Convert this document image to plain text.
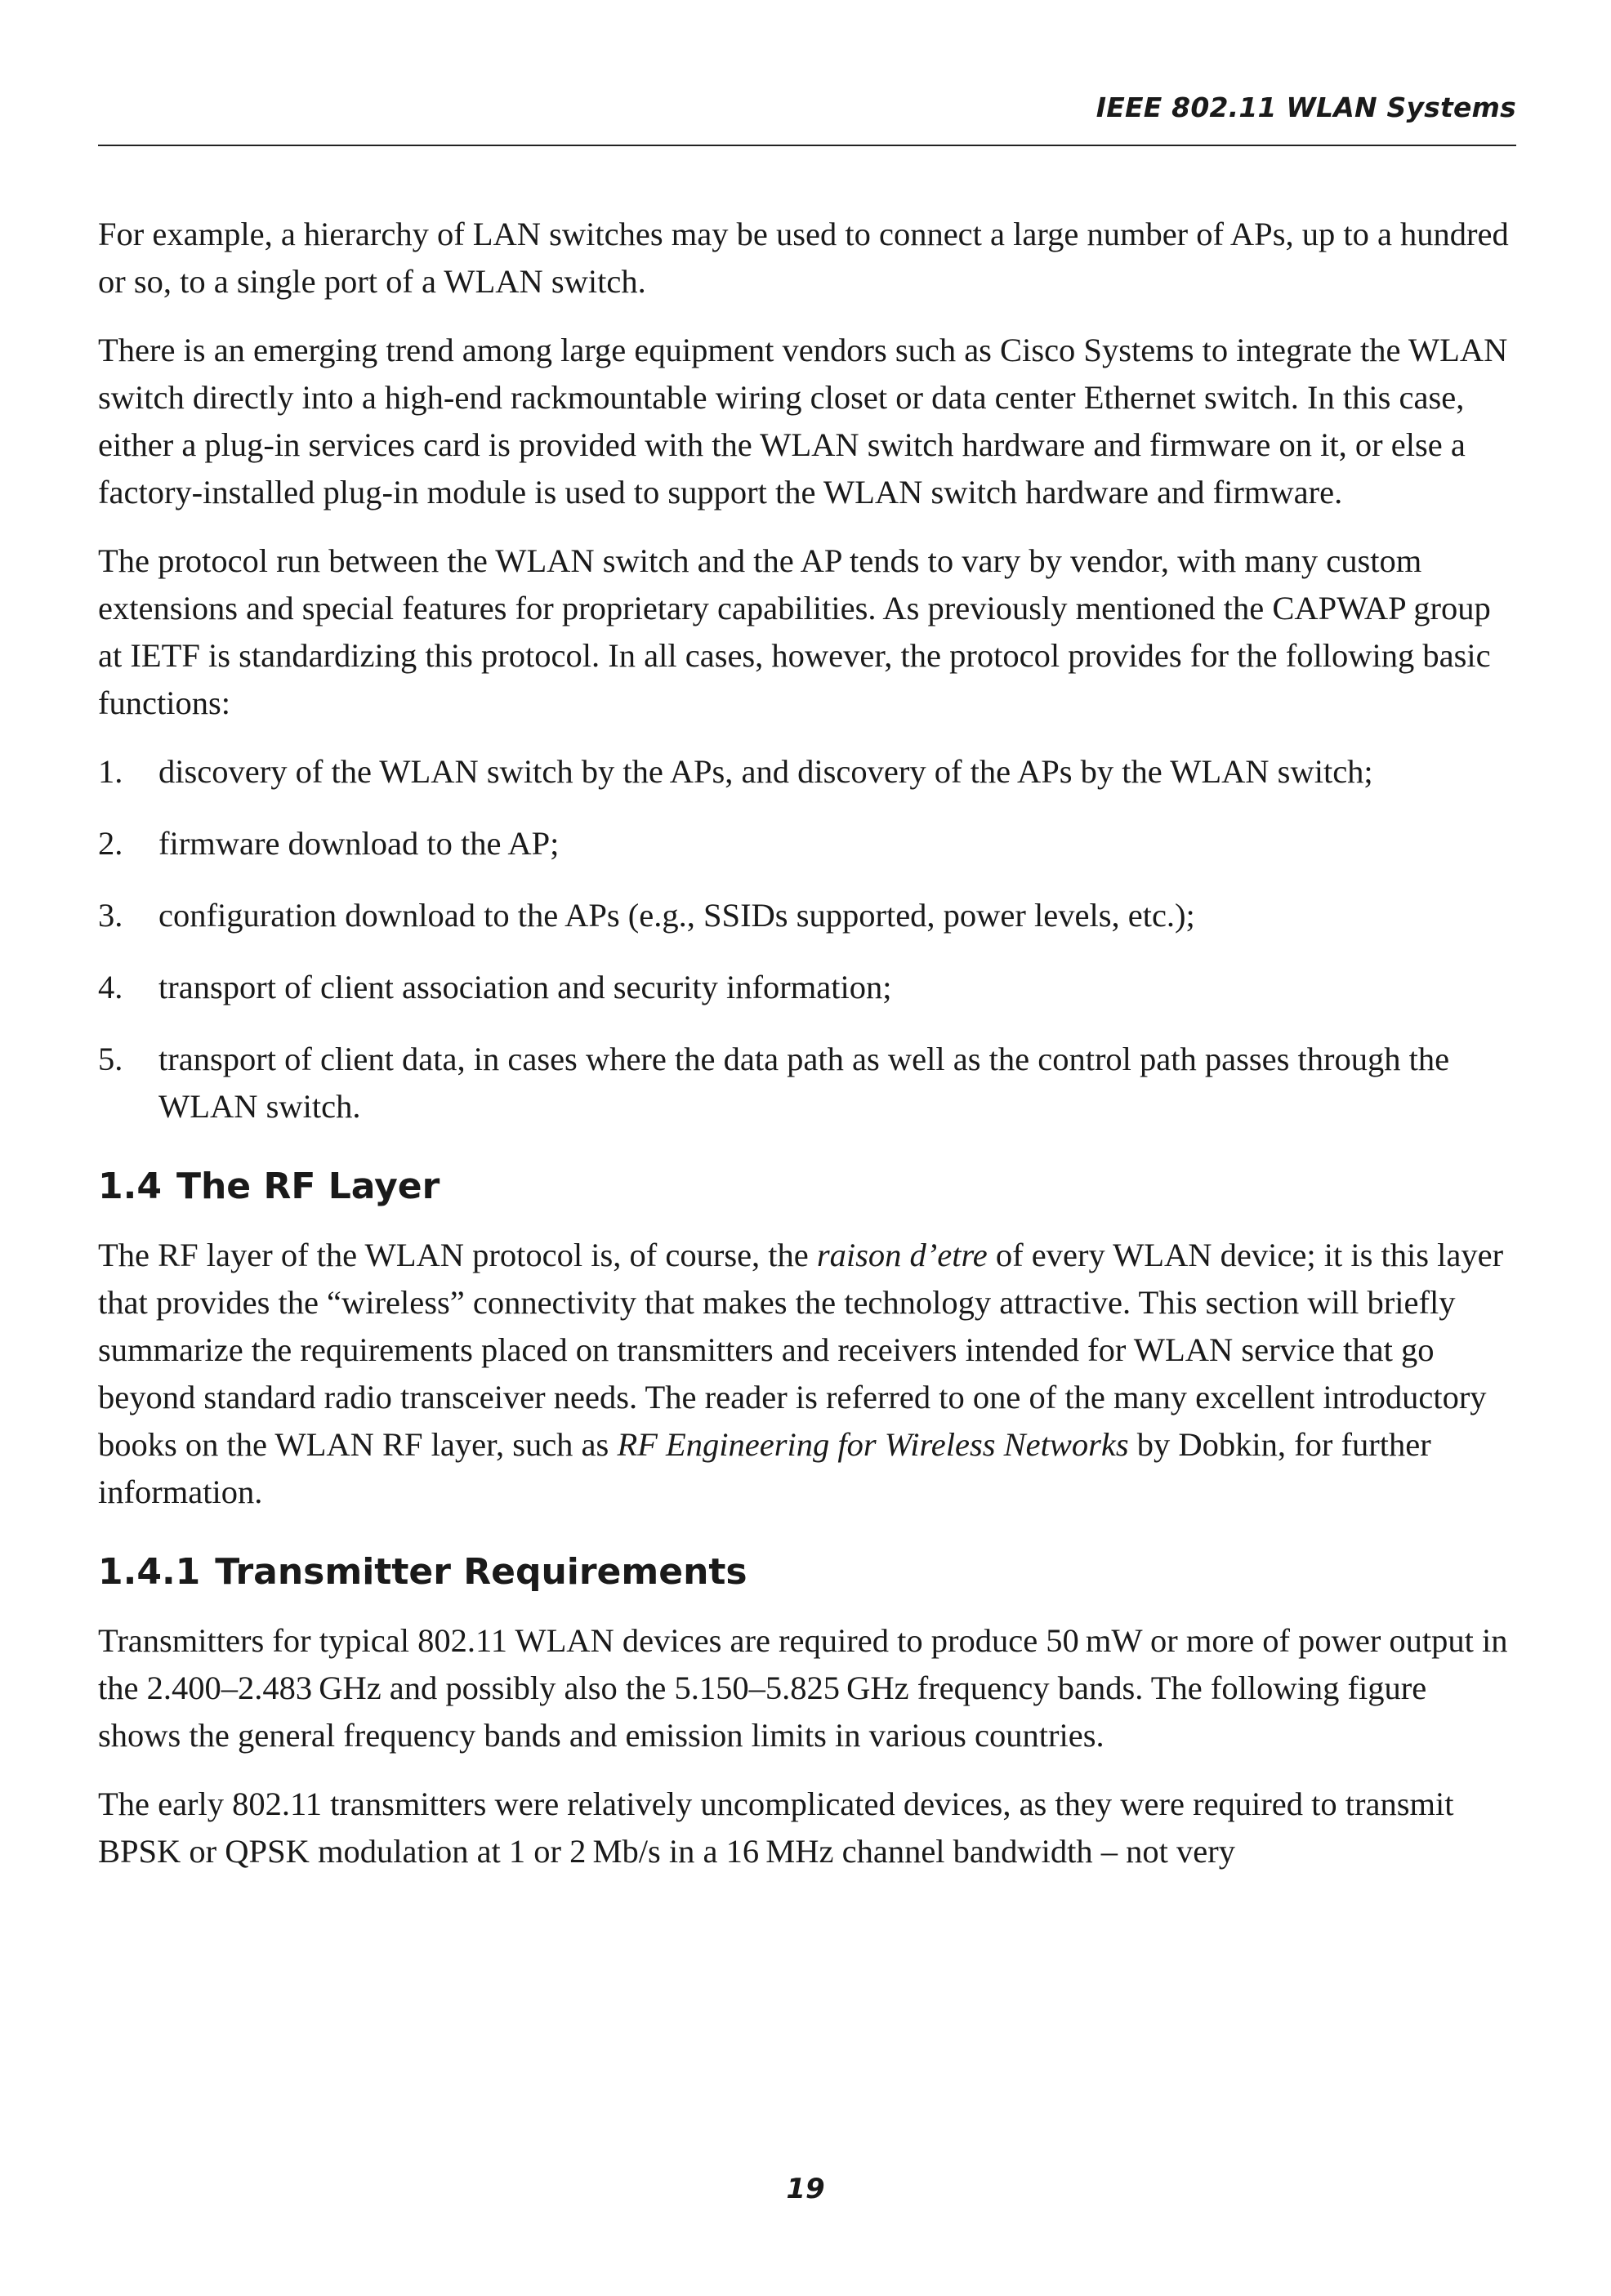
IEEE 802.11 WLAN Systems

For example, a hierarchy of LAN switches may be used to connect a large number of APs, up to a hundred or so, to a single port of a WLAN switch.

There is an emerging trend among large equipment vendors such as Cisco Systems to integrate the WLAN switch directly into a high-end rackmountable wiring closet or data center Ethernet switch. In this case, either a plug-in services card is provided with the WLAN switch hardware and firmware on it, or else a factory-installed plug-in module is used to support the WLAN switch hardware and firmware.

The protocol run between the WLAN switch and the AP tends to vary by vendor, with many custom extensions and special features for proprietary capabilities. As previously mentioned the CAPWAP group at IETF is standardizing this protocol. In all cases, however, the protocol provides for the following basic functions:

1. discovery of the WLAN switch by the APs, and discovery of the APs by the WLAN switch;
2. firmware download to the AP;
3. configuration download to the APs (e.g., SSIDs supported, power levels, etc.);
4. transport of client association and security information;
5. transport of client data, in cases where the data path as well as the control path passes through the WLAN switch.
1.4 The RF Layer

The RF layer of the WLAN protocol is, of course, the raison d’etre of every WLAN device; it is this layer that provides the “wireless” connectivity that makes the technology attractive. This section will briefly summarize the requirements placed on transmitters and receivers intended for WLAN service that go beyond standard radio transceiver needs. The reader is referred to one of the many excellent introductory books on the WLAN RF layer, such as RF Engineering for Wireless Networks by Dobkin, for further information.

1.4.1 Transmitter Requirements

Transmitters for typical 802.11 WLAN devices are required to produce 50 mW or more of power output in the 2.400–2.483 GHz and possibly also the 5.150–5.825 GHz frequency bands. The following figure shows the general frequency bands and emission limits in various countries.

The early 802.11 transmitters were relatively uncomplicated devices, as they were required to transmit BPSK or QPSK modulation at 1 or 2 Mb/s in a 16 MHz channel bandwidth – not very

19
